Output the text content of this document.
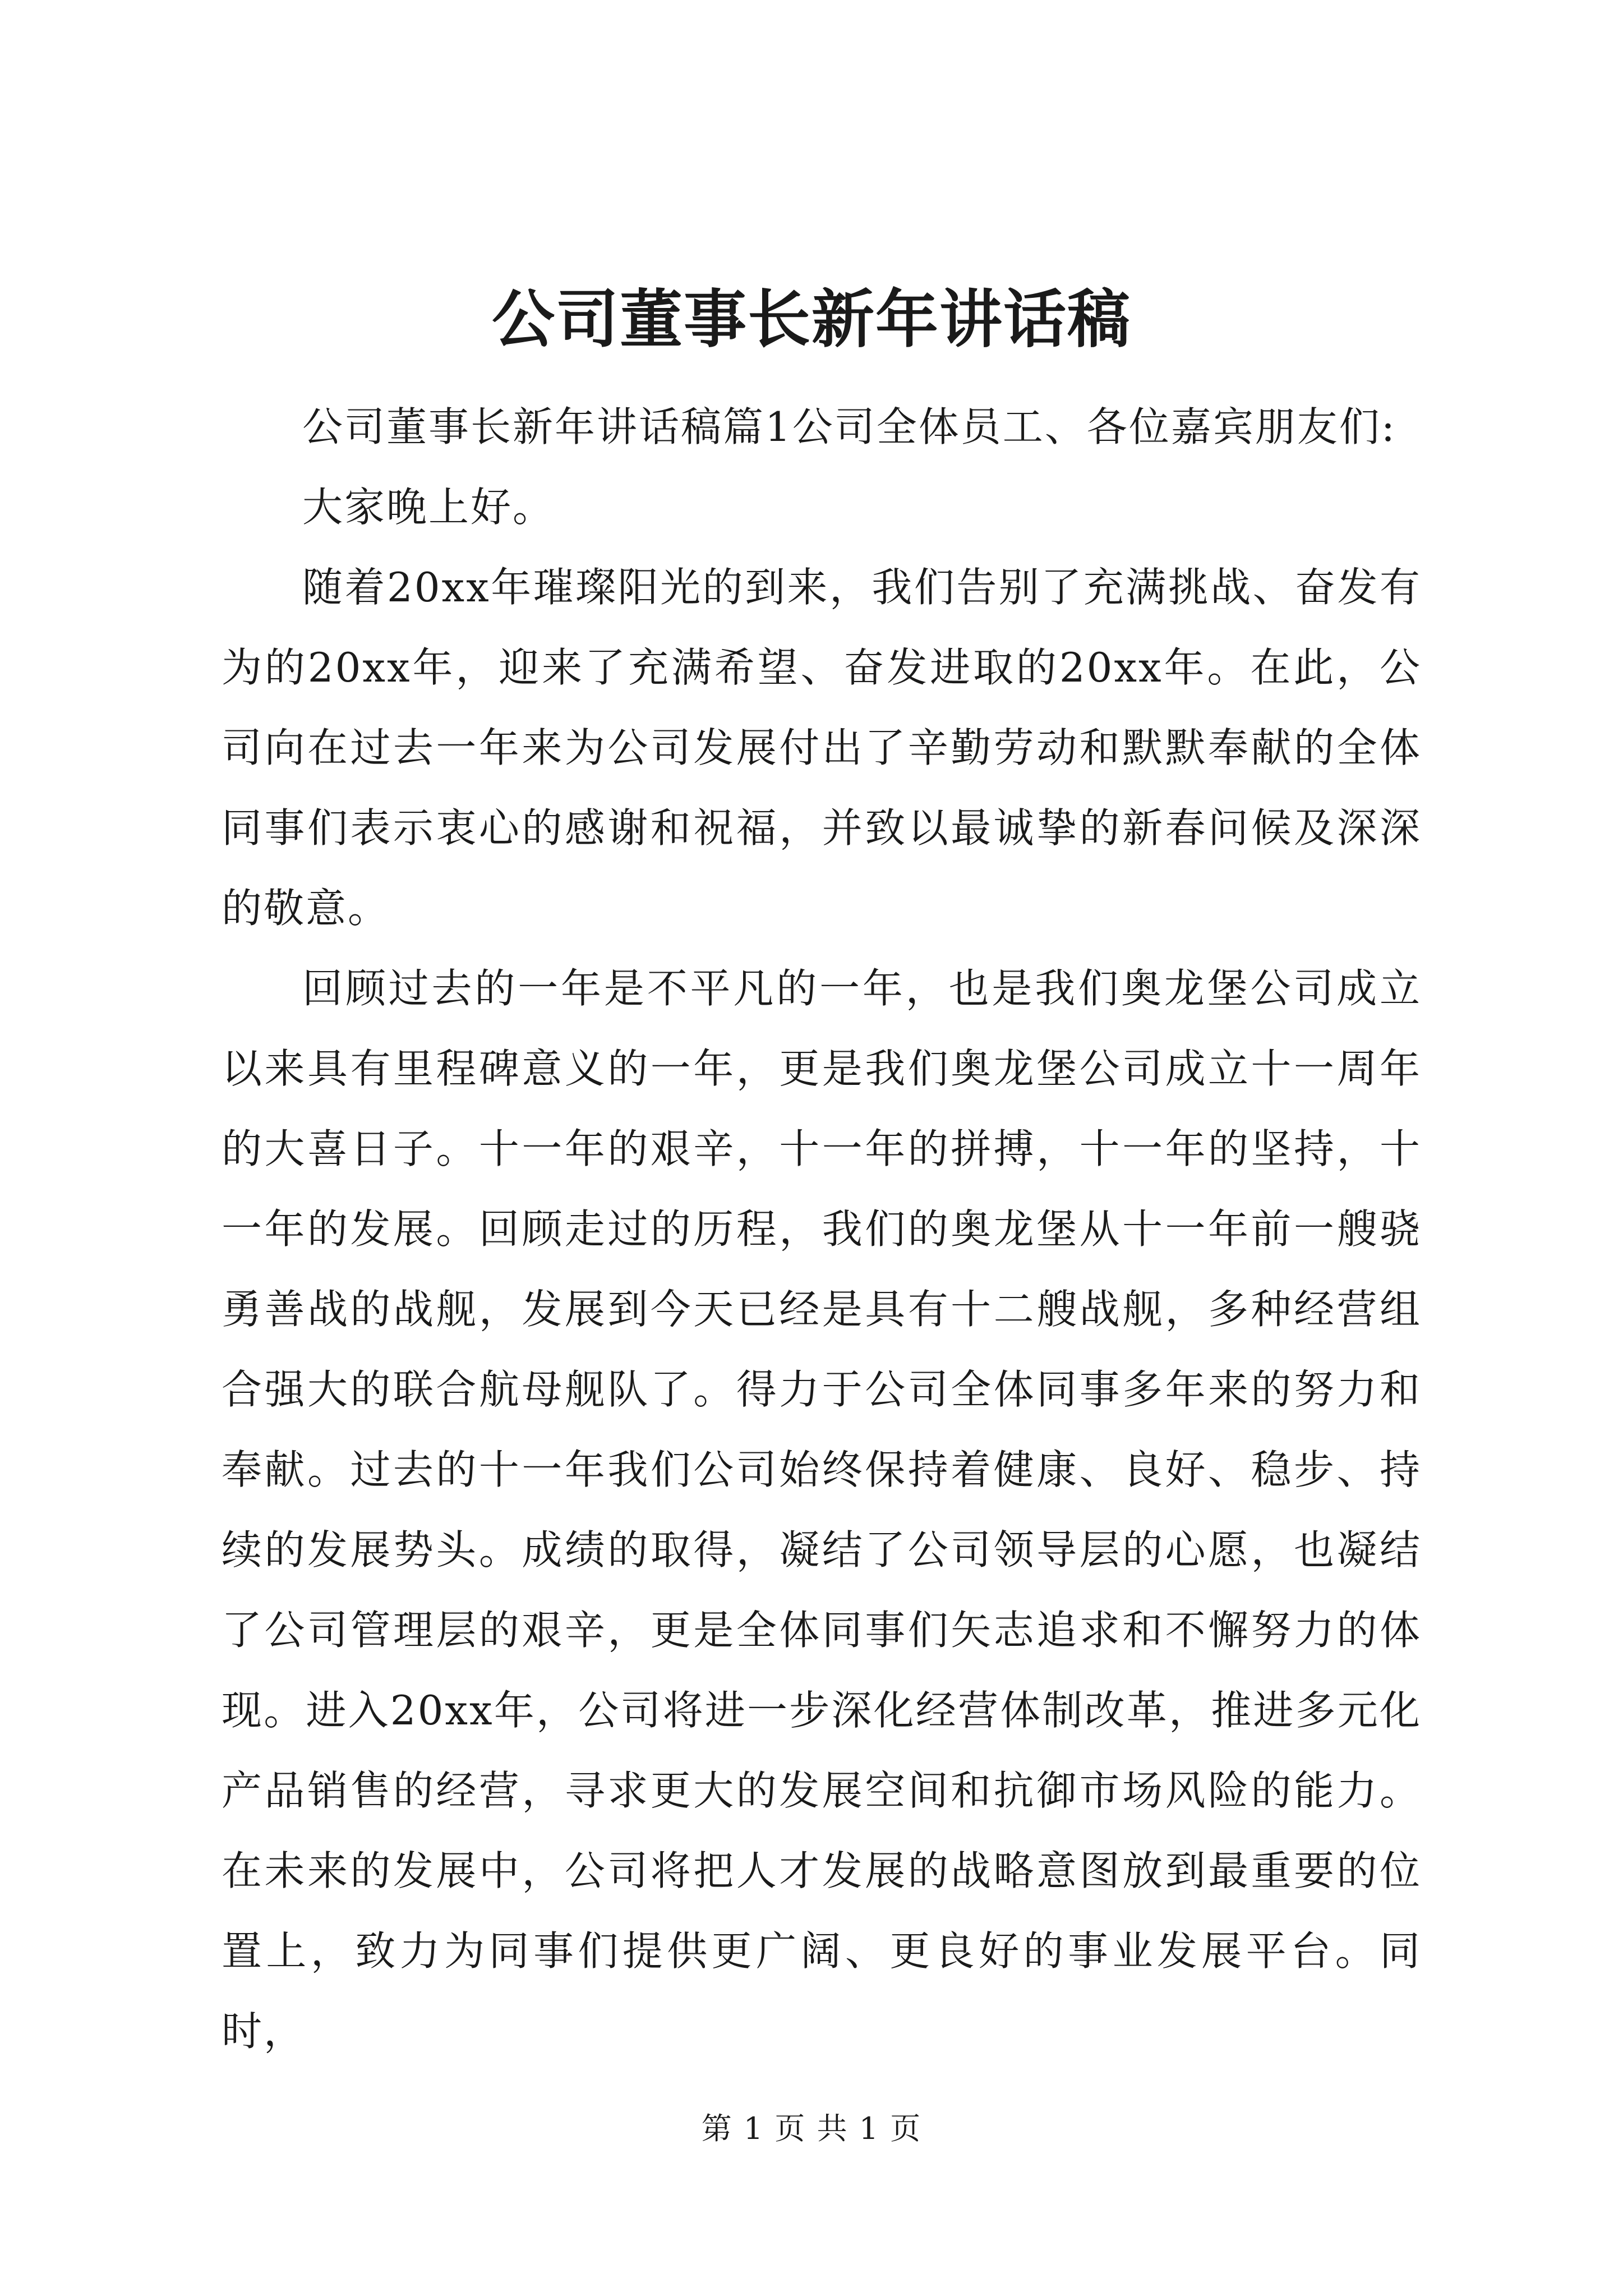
公司董事长新年讲话稿

公司董事长新年讲话稿篇1公司全体员工、各位嘉宾朋友们:

大家晚上好。

随着20xx年璀璨阳光的到来，我们告别了充满挑战、奋发有为的20xx年，迎来了充满希望、奋发进取的20xx年。在此，公司向在过去一年来为公司发展付出了辛勤劳动和默默奉献的全体同事们表示衷心的感谢和祝福，并致以最诚挚的新春问候及深深的敬意。

回顾过去的一年是不平凡的一年，也是我们奥龙堡公司成立以来具有里程碑意义的一年，更是我们奥龙堡公司成立十一周年的大喜日子。十一年的艰辛，十一年的拼搏，十一年的坚持，十一年的发展。回顾走过的历程，我们的奥龙堡从十一年前一艘骁勇善战的战舰，发展到今天已经是具有十二艘战舰，多种经营组合强大的联合航母舰队了。得力于公司全体同事多年来的努力和奉献。过去的十一年我们公司始终保持着健康、良好、稳步、持续的发展势头。成绩的取得，凝结了公司领导层的心愿，也凝结了公司管理层的艰辛，更是全体同事们矢志追求和不懈努力的体现。进入20xx年，公司将进一步深化经营体制改革，推进多元化产品销售的经营，寻求更大的发展空间和抗御市场风险的能力。在未来的发展中，公司将把人才发展的战略意图放到最重要的位置上，致力为同事们提供更广阔、更良好的事业发展平台。同时，

第 1 页 共 1 页
